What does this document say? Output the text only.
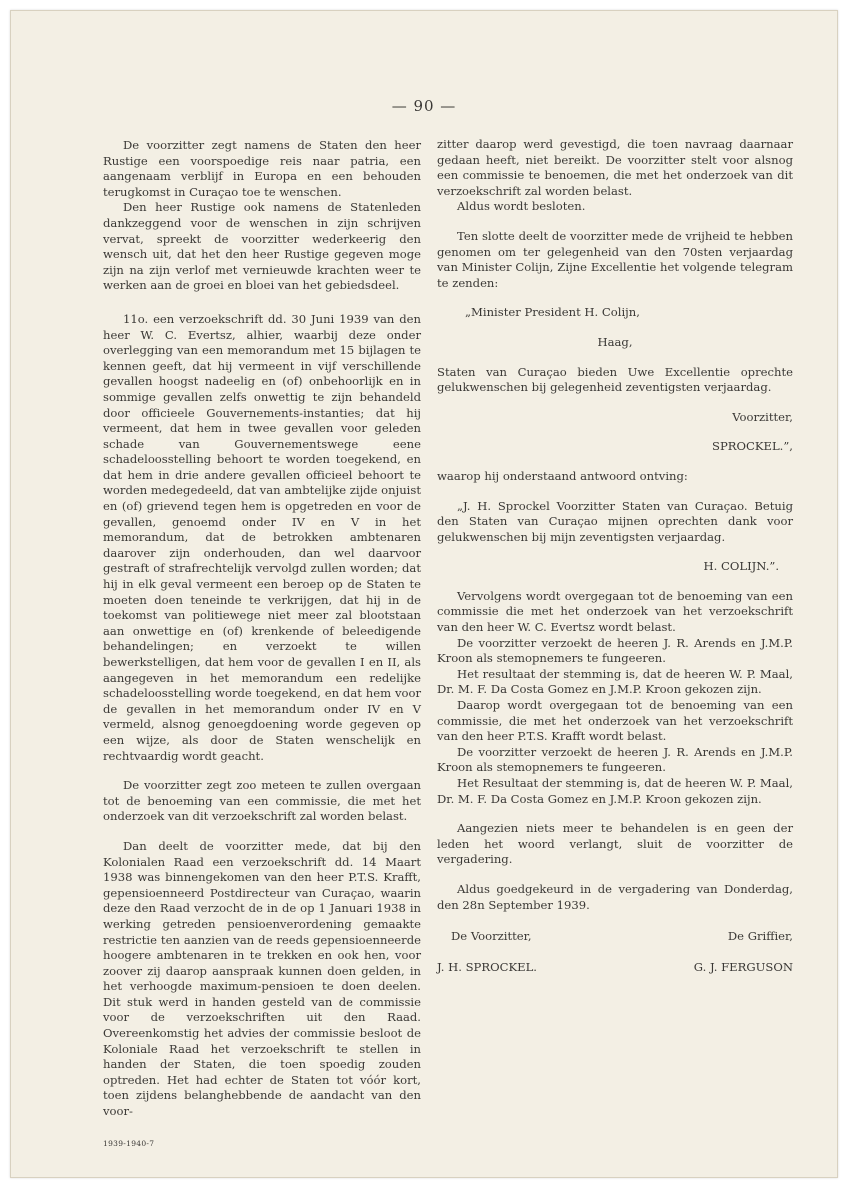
— 90 —

De voorzitter zegt namens de Staten den heer Rustige een voorspoedige reis naar patria, een aangenaam verblijf in Europa en een behouden terugkomst in Curaçao toe te wenschen.

Den heer Rustige ook namens de Statenleden dankzeggend voor de wenschen in zijn schrijven vervat, spreekt de voorzitter wederkeerig den wensch uit, dat het den heer Rustige gegeven moge zijn na zijn verlof met vernieuwde krachten weer te werken aan de groei en bloei van het gebiedsdeel.

11o. een verzoekschrift dd. 30 Juni 1939 van den heer W. C. Evertsz, alhier, waarbij deze onder overlegging van een memorandum met 15 bijlagen te kennen geeft, dat hij vermeent in vijf verschillende gevallen hoogst nadeelig en (of) onbehoorlijk en in sommige gevallen zelfs onwettig te zijn behandeld door officieele Gouvernements-instanties; dat hij vermeent, dat hem in twee gevallen voor geleden schade van Gouvernementswege eene schadeloosstelling behoort te worden toegekend, en dat hem in drie andere gevallen officieel behoort te worden medegedeeld, dat van ambtelijke zijde onjuist en (of) grievend tegen hem is opgetreden en voor de gevallen, genoemd onder IV en V in het memorandum, dat de betrokken ambtenaren daarover zijn onderhouden, dan wel daarvoor gestraft of strafrechtelijk vervolgd zullen worden; dat hij in elk geval vermeent een beroep op de Staten te moeten doen teneinde te verkrijgen, dat hij in de toekomst van politiewege niet meer zal blootstaan aan onwettige en (of) krenkende of beleedigende behandelingen; en verzoekt te willen bewerkstelligen, dat hem voor de gevallen I en II, als aangegeven in het memorandum een redelijke schadeloosstelling worde toegekend, en dat hem voor de gevallen in het memorandum onder IV en V vermeld, alsnog genoegdoening worde gegeven op een wijze, als door de Staten wenschelijk en rechtvaardig wordt geacht.

De voorzitter zegt zoo meteen te zullen overgaan tot de benoeming van een commissie, die met het onderzoek van dit verzoekschrift zal worden belast.

Dan deelt de voorzitter mede, dat bij den Kolonialen Raad een verzoekschrift dd. 14 Maart 1938 was binnengekomen van den heer P.T.S. Krafft, gepensioenneerd Postdirecteur van Curaçao, waarin deze den Raad verzocht de in de op 1 Januari 1938 in werking getreden pensioenverordening gemaakte restrictie ten aanzien van de reeds gepensioenneerde hoogere ambtenaren in te trekken en ook hen, voor zoover zij daarop aanspraak kunnen doen gelden, in het verhoogde maximum-pensioen te doen deelen. Dit stuk werd in handen gesteld van de commissie voor de verzoekschriften uit den Raad. Overeenkomstig het advies der commissie besloot de Koloniale Raad het verzoekschrift te stellen in handen der Staten, die toen spoedig zouden optreden. Het had echter de Staten tot vóór kort, toen zijdens belanghebbende de aandacht van den voor-

zitter daarop werd gevestigd, die toen navraag daarnaar gedaan heeft, niet bereikt. De voorzitter stelt voor alsnog een commissie te benoemen, die met het onderzoek van dit verzoekschrift zal worden belast.

Aldus wordt besloten.

Ten slotte deelt de voorzitter mede de vrijheid te hebben genomen om ter gelegenheid van den 70sten verjaardag van Minister Colijn, Zijne Excellentie het volgende telegram te zenden:

„Minister President H. Colijn,

Haag,

Staten van Curaçao bieden Uwe Excellentie oprechte gelukwenschen bij gelegenheid zeventigsten verjaardag.

Voorzitter,

SPROCKEL.”,

waarop hij onderstaand antwoord ontving:

„J. H. Sprockel Voorzitter Staten van Curaçao. Betuig den Staten van Curaçao mijnen oprechten dank voor gelukwenschen bij mijn zeventigsten verjaardag.

H. COLIJN.”.

Vervolgens wordt overgegaan tot de benoeming van een commissie die met het onderzoek van het verzoekschrift van den heer W. C. Evertsz wordt belast.

De voorzitter verzoekt de heeren J. R. Arends en J.M.P. Kroon als stemopnemers te fungeeren.

Het resultaat der stemming is, dat de heeren W. P. Maal, Dr. M. F. Da Costa Gomez en J.M.P. Kroon gekozen zijn.

Daarop wordt overgegaan tot de benoeming van een commissie, die met het onderzoek van het verzoekschrift van den heer P.T.S. Krafft wordt belast.

De voorzitter verzoekt de heeren J. R. Arends en J.M.P. Kroon als stemopnemers te fungeeren.

Het Resultaat der stemming is, dat de heeren W. P. Maal, Dr. M. F. Da Costa Gomez en J.M.P. Kroon gekozen zijn.

Aangezien niets meer te behandelen is en geen der leden het woord verlangt, sluit de voorzitter de vergadering.

Aldus goedgekeurd in de vergadering van Donderdag, den 28n September 1939.

De Voorzitter,	De Griffier,
J. H. SPROCKEL.	G. J. FERGUSON
1939-1940-7
